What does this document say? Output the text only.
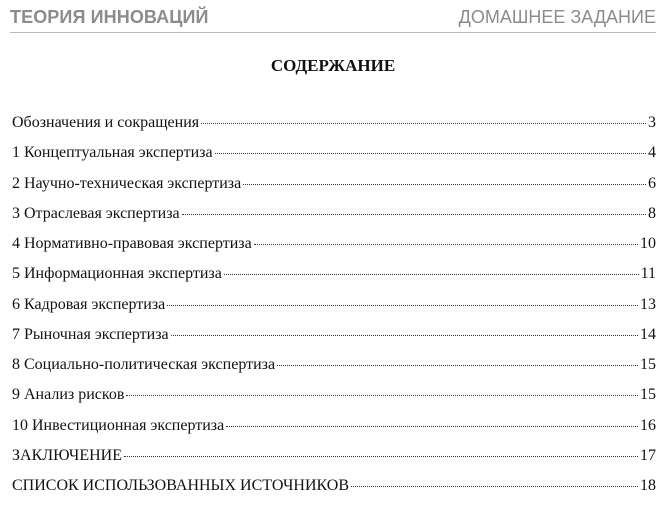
ТЕОРИЯ ИННОВАЦИЙ	ДОМАШНЕЕ ЗАДАНИЕ
СОДЕРЖАНИЕ
Обозначения и сокращения	3
1 Концептуальная экспертиза	4
2 Научно-техническая экспертиза	6
3 Отраслевая экспертиза	8
4 Нормативно-правовая экспертиза	10
5 Информационная экспертиза	11
6 Кадровая экспертиза	13
7 Рыночная экспертиза	14
8 Социально-политическая экспертиза	15
9 Анализ рисков	15
10 Инвестиционная экспертиза	16
ЗАКЛЮЧЕНИЕ	17
СПИСОК ИСПОЛЬЗОВАННЫХ ИСТОЧНИКОВ	18
